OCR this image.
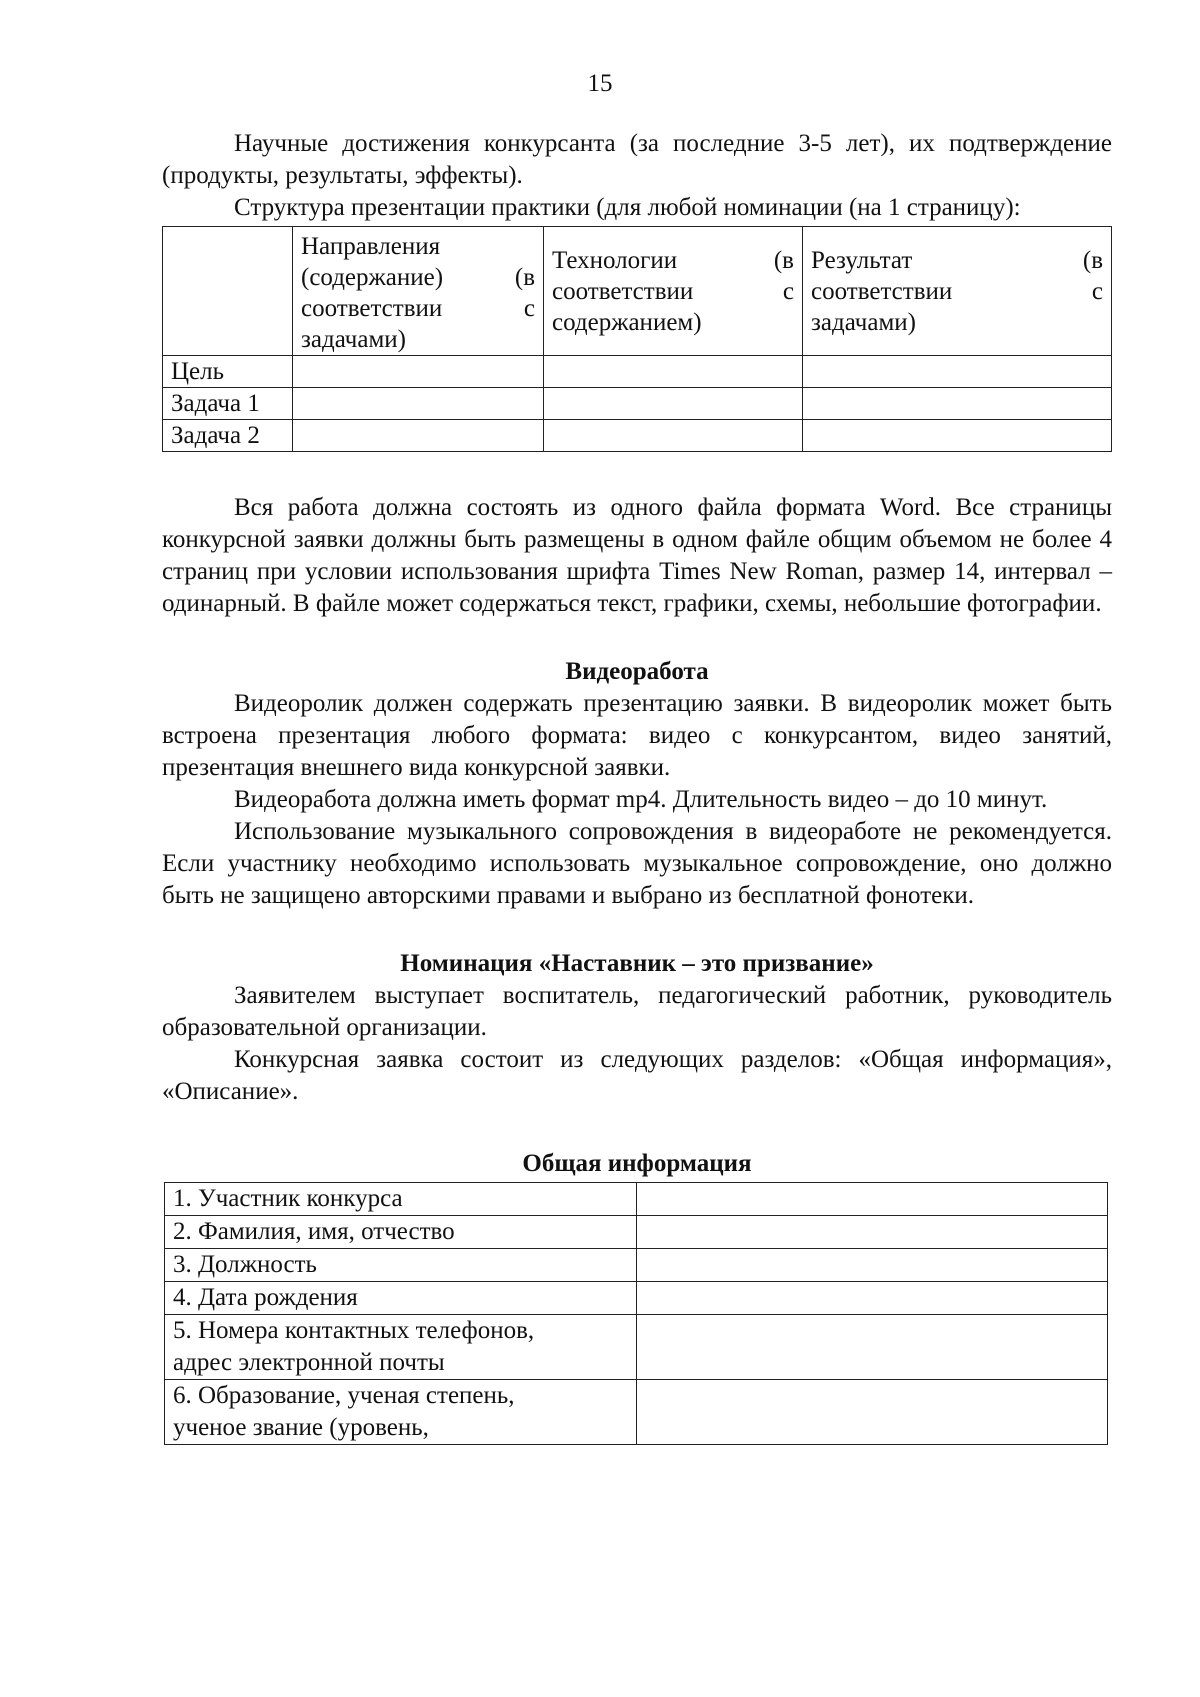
15

Научные достижения конкурсанта (за последние 3-5 лет), их подтверждение (продукты, результаты, эффекты).

Структура презентации практики (для любой номинации (на 1 страницу):

	Направления
(содержание) (в
соответствии с
задачами)	Технологии (в
соответствии с
содержанием)	Результат (в
соответствии с
задачами)

Цель			
Задача 1			
Задача 2			

Вся работа должна состоять из одного файла формата Word. Все страницы конкурсной заявки должны быть размещены в одном файле общим объемом не более 4 страниц при условии использования шрифта Times New Roman, размер 14, интервал – одинарный. В файле может содержаться текст, графики, схемы, небольшие фотографии.

Видеоработа

Видеоролик должен содержать презентацию заявки. В видеоролик может быть встроена презентация любого формата: видео с конкурсантом, видео занятий, презентация внешнего вида конкурсной заявки.

Видеоработа должна иметь формат mp4. Длительность видео – до 10 минут.

Использование музыкального сопровождения в видеоработе не рекомендуется. Если участнику необходимо использовать музыкальное сопровождение, оно должно быть не защищено авторскими правами и выбрано из бесплатной фонотеки.

Номинация «Наставник – это призвание»

Заявителем выступает воспитатель, педагогический работник, руководитель образовательной организации.

Конкурсная заявка состоит из следующих разделов: «Общая информация», «Описание».

Общая информация
1. Участник конкурса	
2. Фамилия, имя, отчество	
3. Должность	
4. Дата рождения	

5. Номера контактных телефонов,
адрес электронной почты	

6. Образование, ученая степень,
ученое звание (уровень,	
